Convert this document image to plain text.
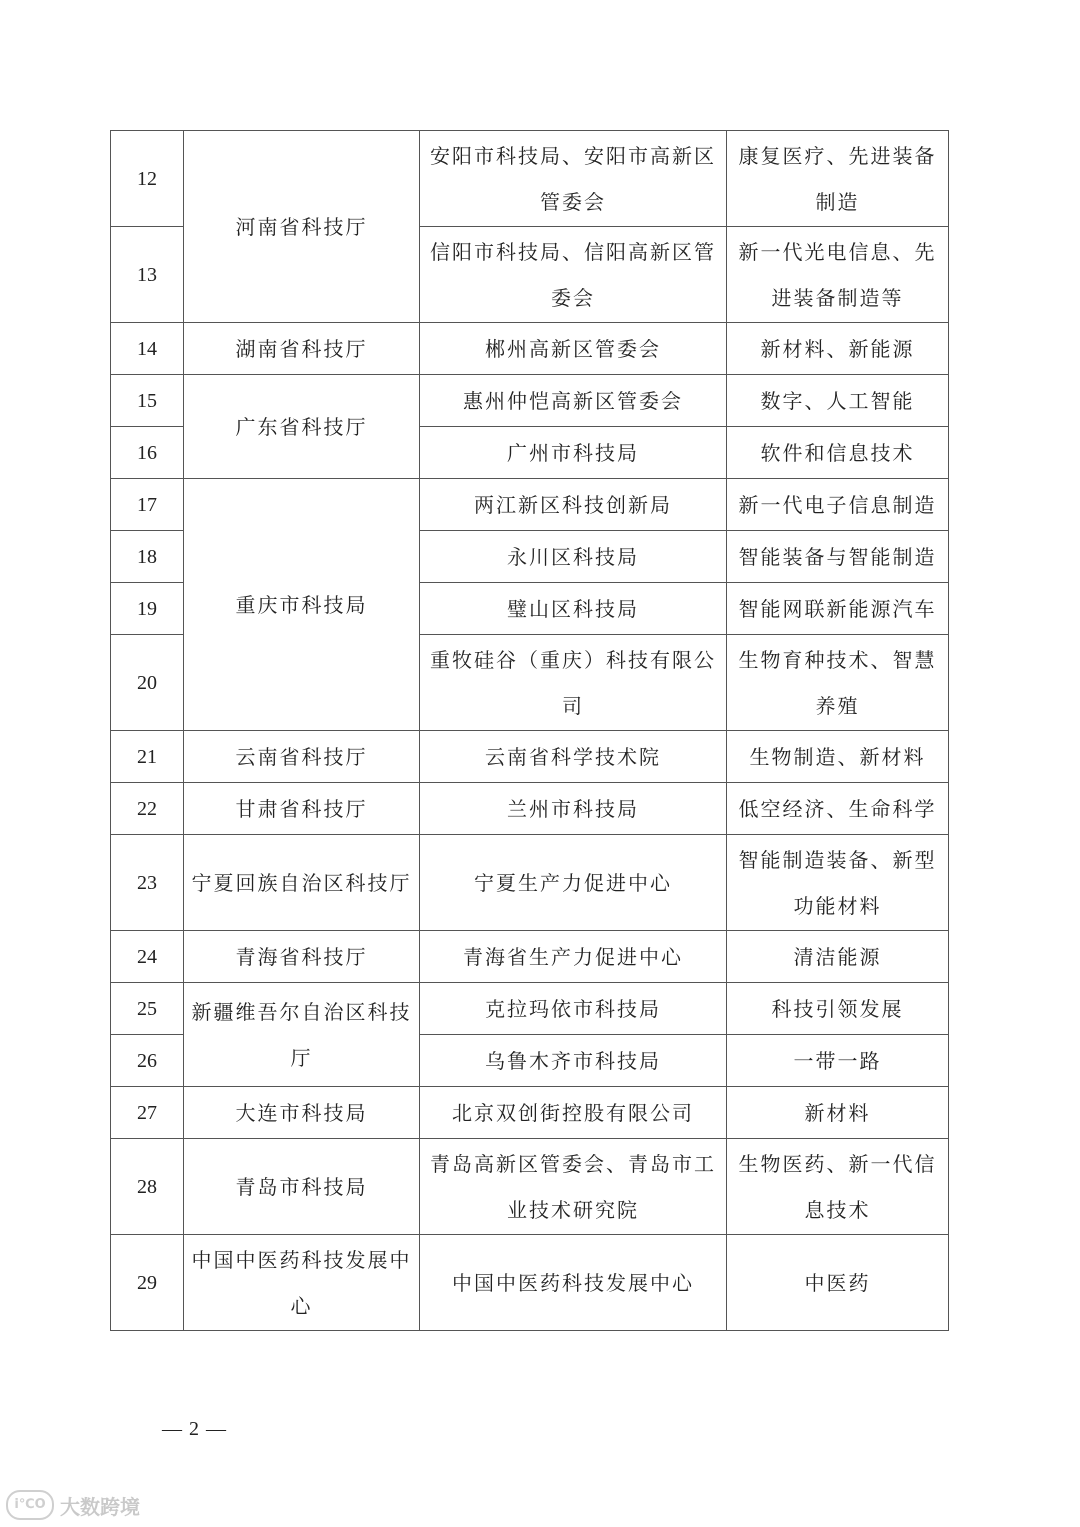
12	河南省科技厅	安阳市科技局、安阳市高新区管委会	康复医疗、先进装备制造
13		信阳市科技局、信阳高新区管委会	新一代光电信息、先进装备制造等
14	湖南省科技厅	郴州高新区管委会	新材料、新能源
15	广东省科技厅	惠州仲恺高新区管委会	数字、人工智能
16		广州市科技局	软件和信息技术
17	重庆市科技局	两江新区科技创新局	新一代电子信息制造
18		永川区科技局	智能装备与智能制造
19		璧山区科技局	智能网联新能源汽车
20		重牧硅谷（重庆）科技有限公司	生物育种技术、智慧养殖
21	云南省科技厅	云南省科学技术院	生物制造、新材料
22	甘肃省科技厅	兰州市科技局	低空经济、生命科学
23	宁夏回族自治区科技厅	宁夏生产力促进中心	智能制造装备、新型功能材料
24	青海省科技厅	青海省生产力促进中心	清洁能源
25	新疆维吾尔自治区科技厅	克拉玛依市科技局	科技引领发展
26		乌鲁木齐市科技局	一带一路
27	大连市科技局	北京双创街控股有限公司	新材料
28	青岛市科技局	青岛高新区管委会、青岛市工业技术研究院	生物医药、新一代信息技术
29	中国中医药科技发展中心	中国中医药科技发展中心	中医药
— 2 —
i℃O 大数跨境
